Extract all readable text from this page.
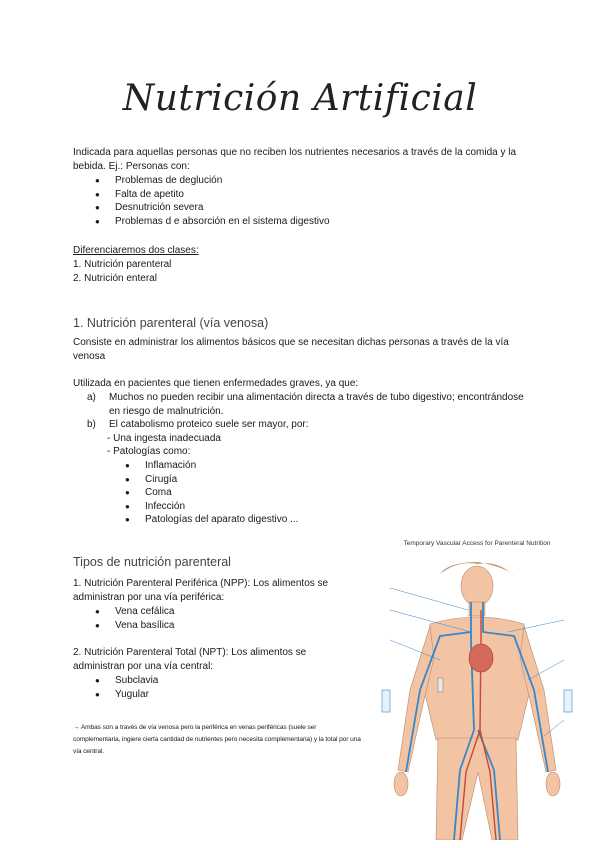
Nutrición Artificial
Indicada para aquellas personas que no reciben los nutrientes necesarios a través de la comida y la bebida. Ej.: Personas con:
● Problemas de deglución
● Falta de apetito
● Desnutrición severa
● Problemas d e absorción en el sistema digestivo
Diferenciaremos dos clases:
1. Nutrición parenteral
2. Nutrición enteral
1. Nutrición parenteral (vía venosa)
Consiste en administrar los alimentos básicos que se necesitan dichas personas a través de la vía venosa
Utilizada en pacientes que tienen enfermedades graves, ya que:
a) Muchos no pueden recibir una alimentación directa a través de tubo digestivo; encontrándose en riesgo de malnutrición.
b) El catabolismo proteico suele ser mayor, por:
- Una ingesta inadecuada
- Patologías como:
● Inflamación
● Cirugía
● Coma
● Infección
● Patologías del aparato digestivo ...
Tipos de nutrición parenteral
1. Nutrición Parenteral Periférica (NPP): Los alimentos se administran por una vía periférica:
● Vena cefálica
● Vena basílica
2. Nutrición Parenteral Total (NPT): Los alimentos se administran por una vía central:
● Subclavia
● Yugular
→ Ambas son a través de vía venosa pero la periférica en venas periféricas (suele ser complementaria, ingiere cierta cantidad de nutrientes pero necesita complementaria) y la total por una vía central.
Temporary Vascular Access for Parenteral Nutrition
